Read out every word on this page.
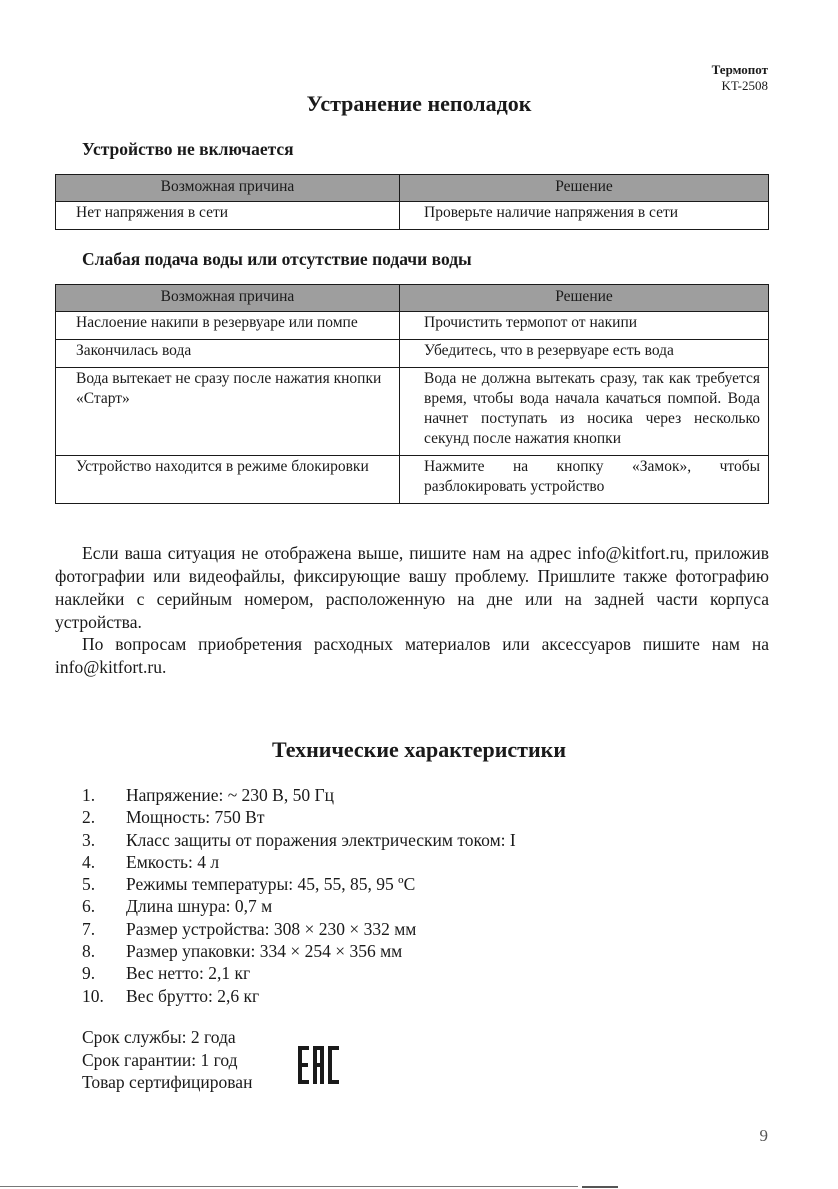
Термопот
KT-2508
Устранение неполадок
Устройство не включается
Возможная причина	Решение
Нет напряжения в сети	Проверьте наличие напряжения в сети
Слабая подача воды или отсутствие подачи воды
Возможная причина	Решение
Наслоение накипи в резервуаре или помпе	Прочистить термопот от накипи
Закончилась вода	Убедитесь, что в резервуаре есть вода
Вода вытекает не сразу после нажатия кнопки «Старт»	Вода не должна вытекать сразу, так как требуется время, чтобы вода начала качаться помпой. Вода начнет поступать из носика через несколько секунд после нажатия кнопки
Устройство находится в режиме блокировки	Нажмите на кнопку «Замок», чтобы разблокировать устройство

Если ваша ситуация не отображена выше, пишите нам на адрес info@kitfort.ru, приложив фотографии или видеофайлы, фиксирующие вашу проблему. Пришлите также фотографию наклейки с серийным номером, расположенную на дне или на задней части корпуса устройства.

По вопросам приобретения расходных материалов или аксессуаров пишите нам на info@kitfort.ru.

Технические характеристики
1.	Напряжение: ~ 230 В, 50 Гц
2.	Мощность: 750 Вт
3.	Класс защиты от поражения электрическим током: I
4.	Емкость: 4 л
5.	Режимы температуры: 45, 55, 85, 95 ºС
6.	Длина шнура: 0,7 м
7.	Размер устройства: 308 × 230 × 332 мм
8.	Размер упаковки: 334 × 254 × 356 мм
9.	Вес нетто: 2,1 кг
10.	Вес брутто: 2,6 кг
Срок службы: 2 года
Срок гарантии: 1 год
Товар сертифицирован
9
